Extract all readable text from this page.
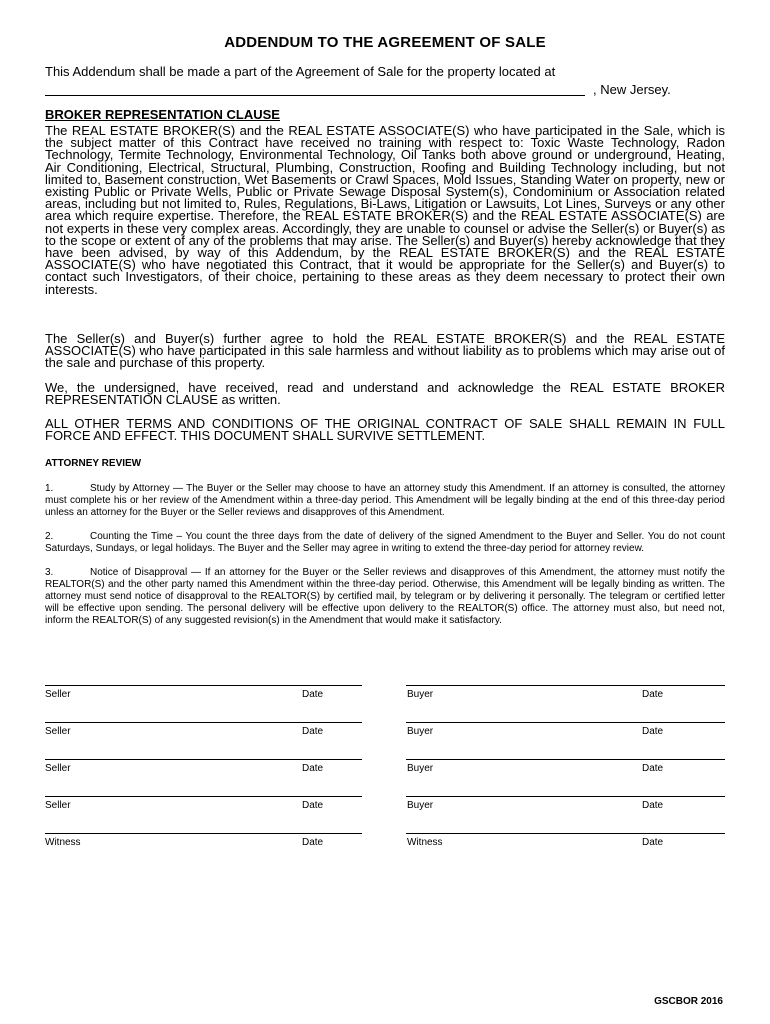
ADDENDUM TO THE AGREEMENT OF SALE
This Addendum shall be made a part of the Agreement of Sale for the property located at
, New Jersey.
BROKER REPRESENTATION CLAUSE

The REAL ESTATE BROKER(S) and the REAL ESTATE ASSOCIATE(S) who have participated in the Sale, which is the subject matter of this Contract have received no training with respect to: Toxic Waste Technology, Radon Technology, Termite Technology, Environmental Technology, Oil Tanks both above ground or underground, Heating, Air Conditioning, Electrical, Structural, Plumbing, Construction, Roofing and Building Technology including, but not limited to, Basement construction, Wet Basements or Crawl Spaces, Mold Issues, Standing Water on property, new or existing Public or Private Wells, Public or Private Sewage Disposal System(s), Condominium or Association related areas, including but not limited to, Rules, Regulations, Bi-Laws, Litigation or Lawsuits, Lot Lines, Surveys or any other area which require expertise. Therefore, the REAL ESTATE BROKER(S) and the REAL ESTATE ASSOCIATE(S) are not experts in these very complex areas. Accordingly, they are unable to counsel or advise the Seller(s) or Buyer(s) as to the scope or extent of any of the problems that may arise. The Seller(s) and Buyer(s) hereby acknowledge that they have been advised, by way of this Addendum, by the REAL ESTATE BROKER(S) and the REAL ESTATE ASSOCIATE(S) who have negotiated this Contract, that it would be appropriate for the Seller(s) and Buyer(s) to contact such Investigators, of their choice, pertaining to these areas as they deem necessary to protect their own interests.

The Seller(s) and Buyer(s) further agree to hold the REAL ESTATE BROKER(S) and the REAL ESTATE ASSOCIATE(S) who have participated in this sale harmless and without liability as to problems which may arise out of the sale and purchase of this property.

We, the undersigned, have received, read and understand and acknowledge the REAL ESTATE BROKER REPRESENTATION CLAUSE as written.

ALL OTHER TERMS AND CONDITIONS OF THE ORIGINAL CONTRACT OF SALE SHALL REMAIN IN FULL FORCE AND EFFECT. THIS DOCUMENT SHALL SURVIVE SETTLEMENT.

ATTORNEY REVIEW

1.	Study by Attorney — The Buyer or the Seller may choose to have an attorney study this Amendment. If an attorney is consulted, the attorney must complete his or her review of the Amendment within a three-day period. This Amendment will be legally binding at the end of this three-day period unless an attorney for the Buyer or the Seller reviews and disapproves of this Amendment.

2.	Counting the Time – You count the three days from the date of delivery of the signed Amendment to the Buyer and Seller. You do not count Saturdays, Sundays, or legal holidays. The Buyer and the Seller may agree in writing to extend the three-day period for attorney review.

3.	Notice of Disapproval — If an attorney for the Buyer or the Seller reviews and disapproves of this Amendment, the attorney must notify the REALTOR(S) and the other party named this Amendment within the three-day period. Otherwise, this Amendment will be legally binding as written. The attorney must send notice of disapproval to the REALTOR(S) by certified mail, by telegram or by delivering it personally. The telegram or certified letter will be effective upon sending. The personal delivery will be effective upon delivery to the REALTOR(S) office. The attorney must also, but need not, inform the REALTOR(S) of any suggested revision(s) in the Amendment that would make it satisfactory.

Seller	Date	Buyer	Date
Seller	Date	Buyer	Date
Seller	Date	Buyer	Date
Seller	Date	Buyer	Date
Witness	Date	Witness	Date
GSCBOR 2016
